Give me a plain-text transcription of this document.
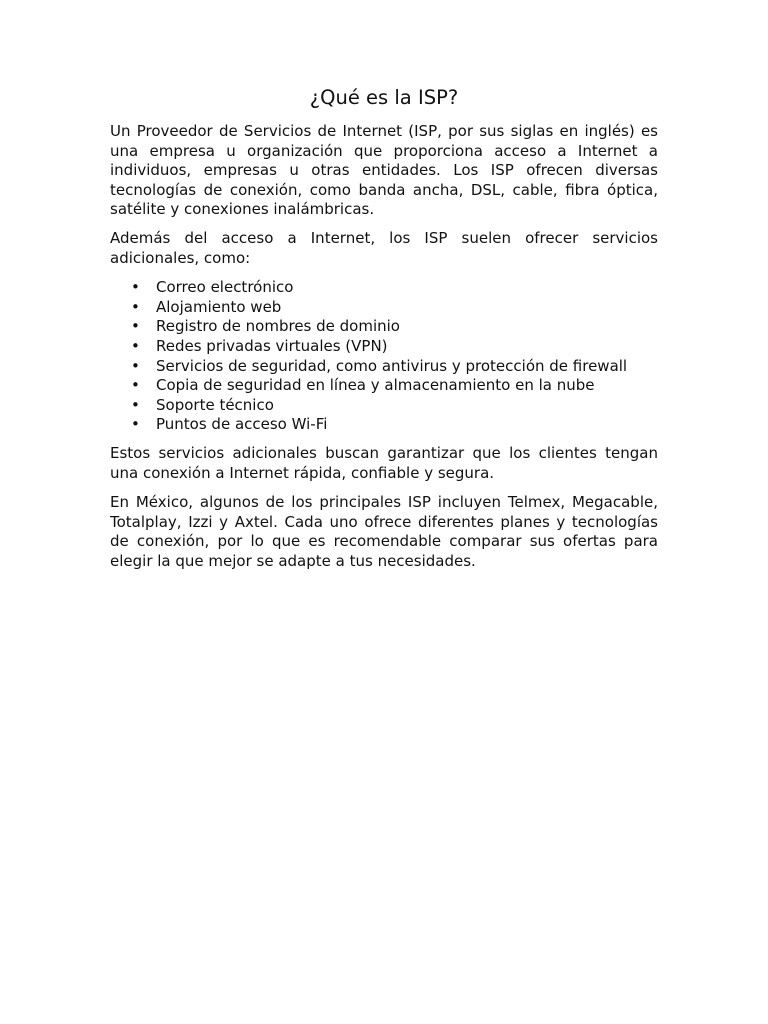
¿Qué es la ISP?

Un Proveedor de Servicios de Internet (ISP, por sus siglas en inglés) es una empresa u organización que proporciona acceso a Internet a individuos, empresas u otras entidades. Los ISP ofrecen diversas tecnologías de conexión, como banda ancha, DSL, cable, fibra óptica, satélite y conexiones inalámbricas.

Además del acceso a Internet, los ISP suelen ofrecer servicios adicionales, como:

• Correo electrónico
• Alojamiento web
• Registro de nombres de dominio
• Redes privadas virtuales (VPN)
• Servicios de seguridad, como antivirus y protección de firewall
• Copia de seguridad en línea y almacenamiento en la nube
• Soporte técnico
• Puntos de acceso Wi-Fi

Estos servicios adicionales buscan garantizar que los clientes tengan una conexión a Internet rápida, confiable y segura.

En México, algunos de los principales ISP incluyen Telmex, Megacable, Totalplay, Izzi y Axtel. Cada uno ofrece diferentes planes y tecnologías de conexión, por lo que es recomendable comparar sus ofertas para elegir la que mejor se adapte a tus necesidades.
